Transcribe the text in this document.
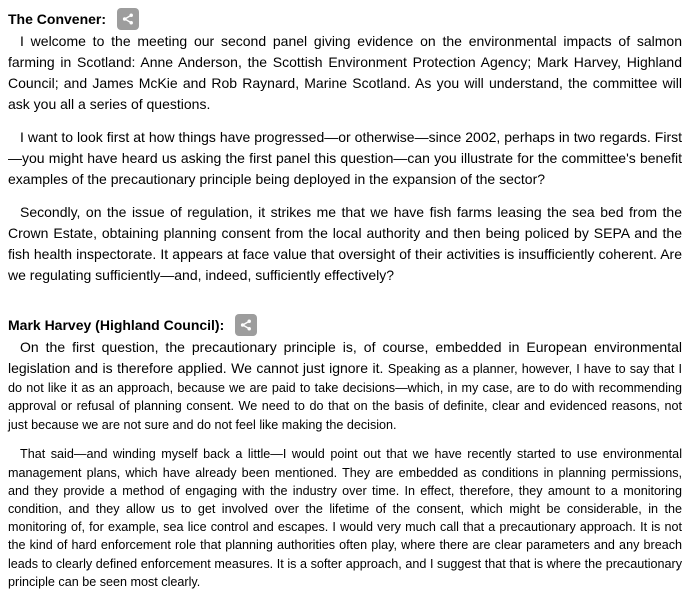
The Convener:

I welcome to the meeting our second panel giving evidence on the environmental impacts of salmon farming in Scotland: Anne Anderson, the Scottish Environment Protection Agency; Mark Harvey, Highland Council; and James McKie and Rob Raynard, Marine Scotland. As you will understand, the committee will ask you all a series of questions.

I want to look first at how things have progressed—or otherwise—since 2002, perhaps in two regards. First—you might have heard us asking the first panel this question—can you illustrate for the committee's benefit examples of the precautionary principle being deployed in the expansion of the sector?

Secondly, on the issue of regulation, it strikes me that we have fish farms leasing the sea bed from the Crown Estate, obtaining planning consent from the local authority and then being policed by SEPA and the fish health inspectorate. It appears at face value that oversight of their activities is insufficiently coherent. Are we regulating sufficiently—and, indeed, sufficiently effectively?

Mark Harvey (Highland Council):

On the first question, the precautionary principle is, of course, embedded in European environmental legislation and is therefore applied. We cannot just ignore it. Speaking as a planner, however, I have to say that I do not like it as an approach, because we are paid to take decisions—which, in my case, are to do with recommending approval or refusal of planning consent. We need to do that on the basis of definite, clear and evidenced reasons, not just because we are not sure and do not feel like making the decision.

That said—and winding myself back a little—I would point out that we have recently started to use environmental management plans, which have already been mentioned. They are embedded as conditions in planning permissions, and they provide a method of engaging with the industry over time. In effect, therefore, they amount to a monitoring condition, and they allow us to get involved over the lifetime of the consent, which might be considerable, in the monitoring of, for example, sea lice control and escapes. I would very much call that a precautionary approach. It is not the kind of hard enforcement role that planning authorities often play, where there are clear parameters and any breach leads to clearly defined enforcement measures. It is a softer approach, and I suggest that that is where the precautionary principle can be seen most clearly.
